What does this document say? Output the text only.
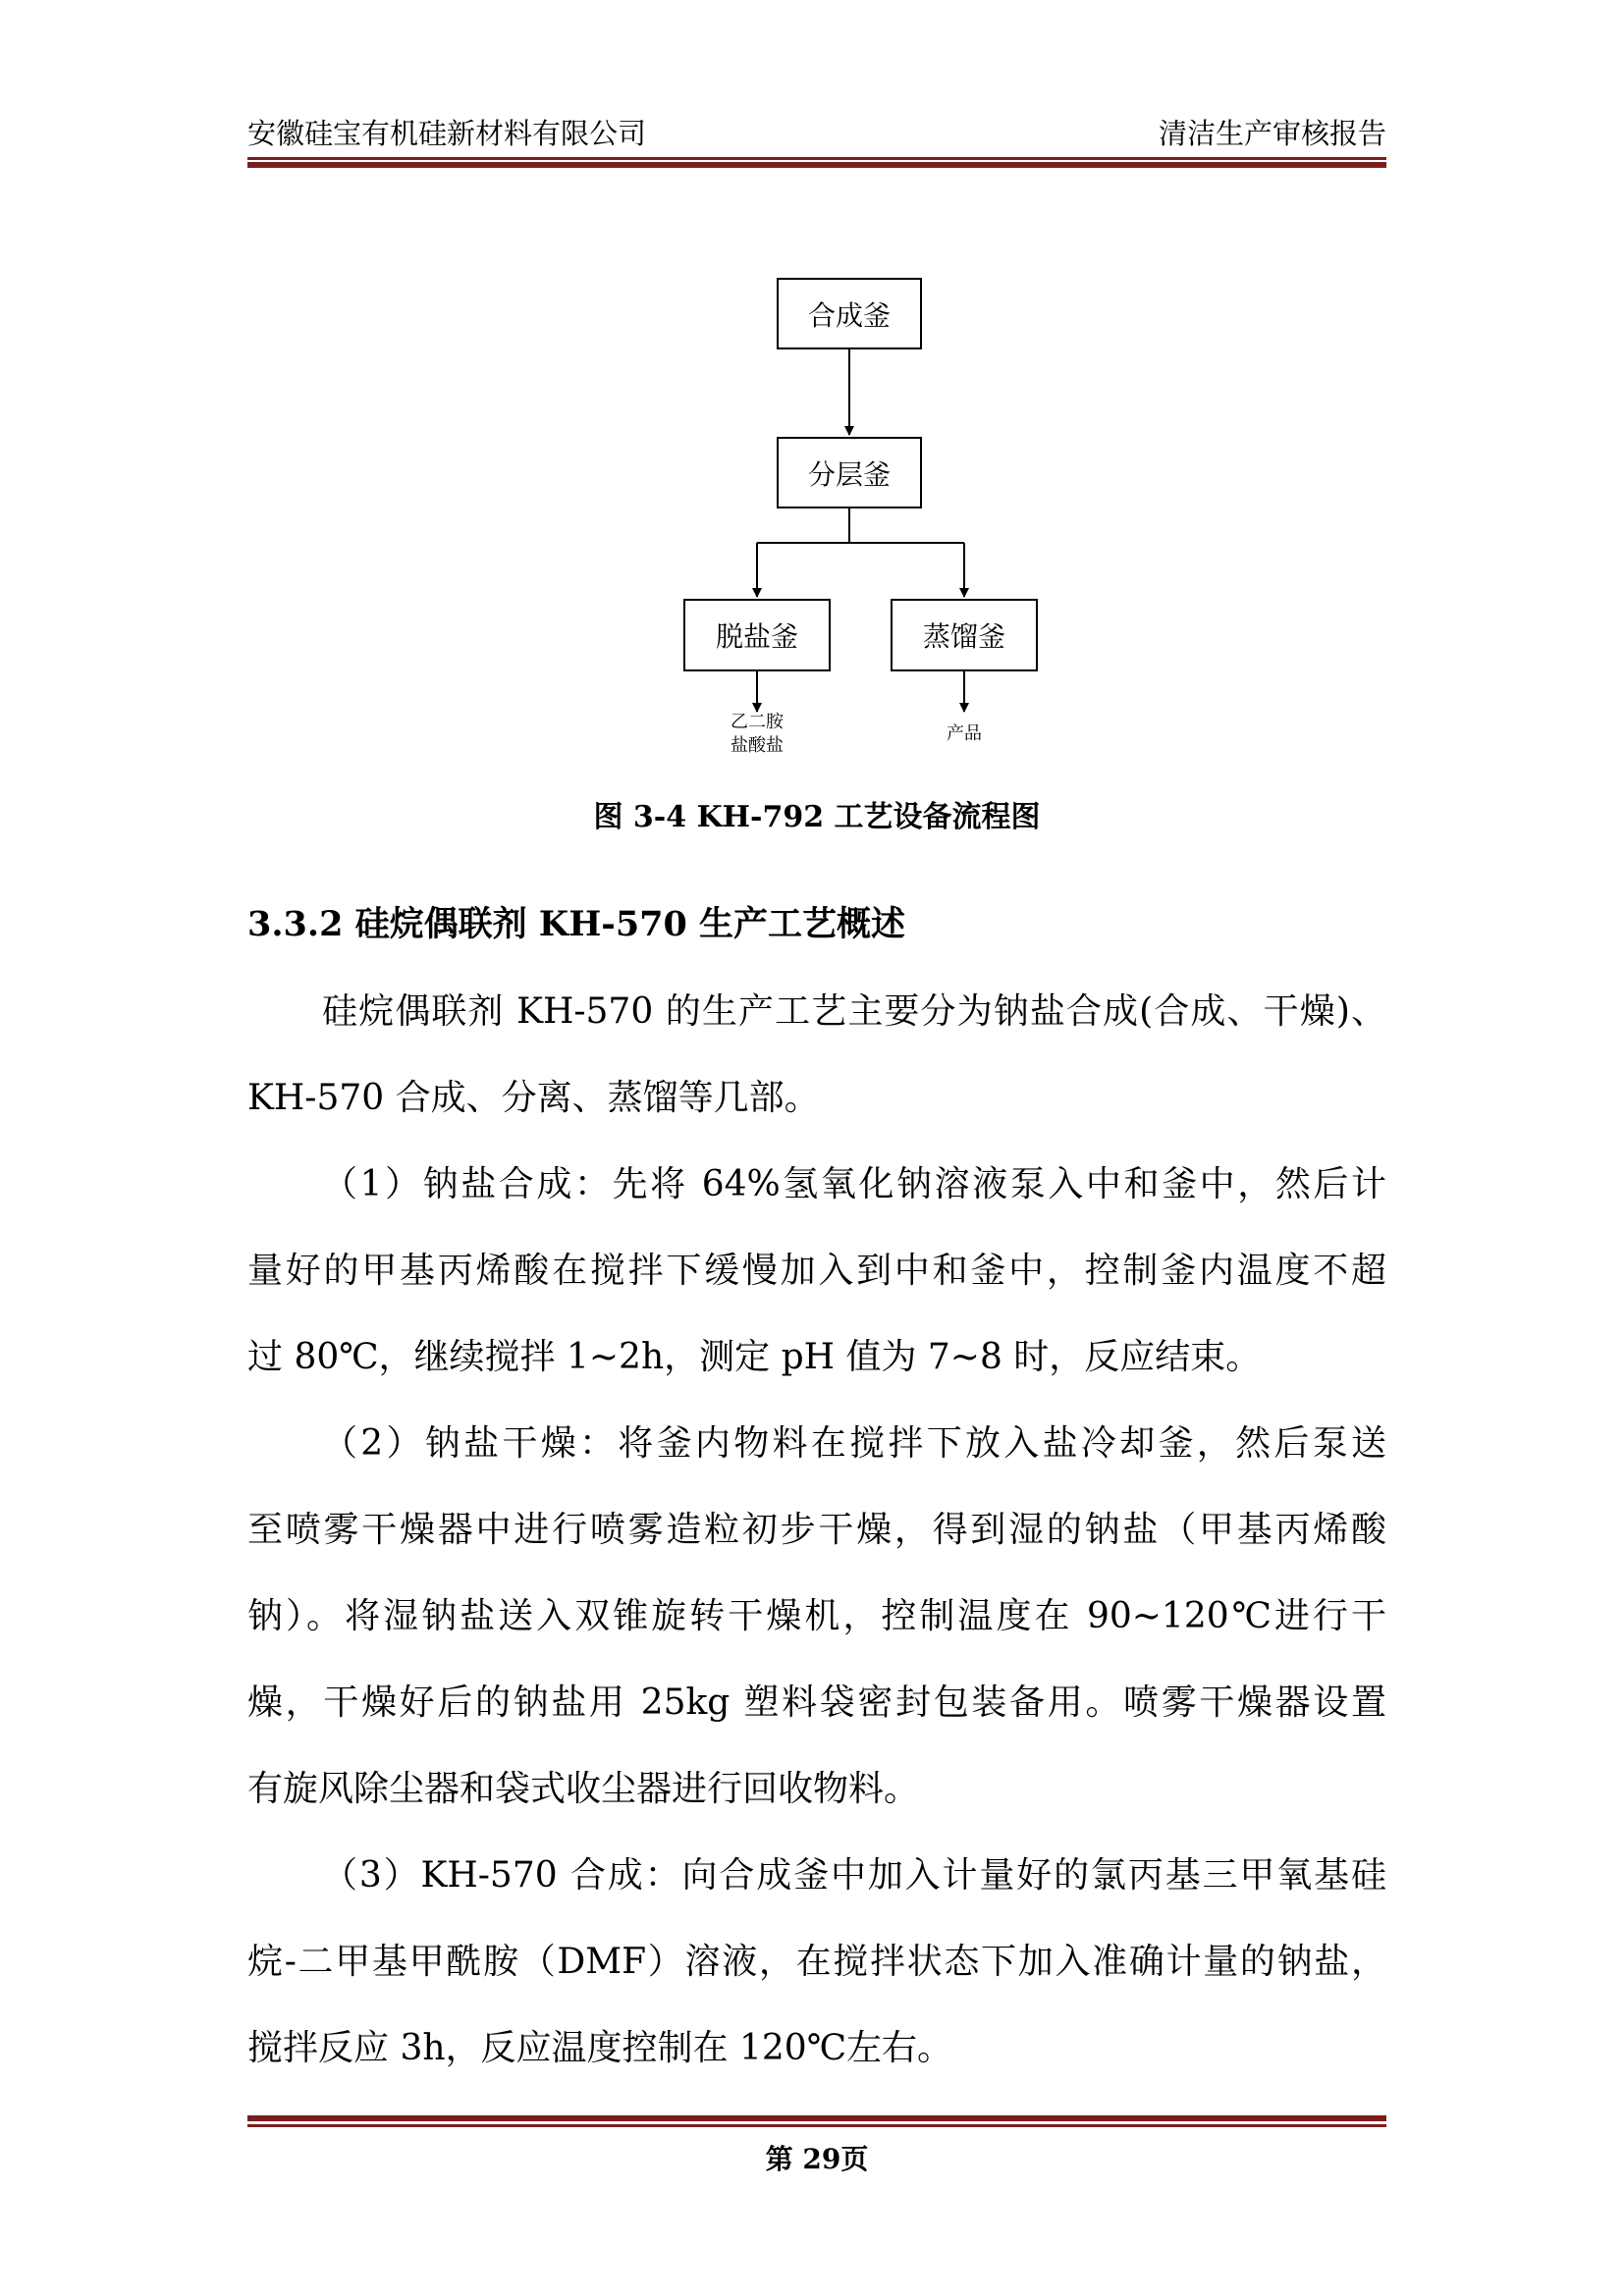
安徽硅宝有机硅新材料有限公司	清洁生产审核报告
合成釜
分层釜
脱盐釜	蒸馏釜
乙二胺
盐酸盐
产品
图 3-4 KH-792 工艺设备流程图
3.3.2 硅烷偶联剂 KH-570 生产工艺概述
硅烷偶联剂 KH-570 的生产工艺主要分为钠盐合成(合成、干燥)、
KH-570 合成、分离、蒸馏等几部。
（1）钠盐合成：先将 64%氢氧化钠溶液泵入中和釜中，然后计
量好的甲基丙烯酸在搅拌下缓慢加入到中和釜中，控制釜内温度不超
过 80℃，继续搅拌 1~2h，测定 pH 值为 7~8 时，反应结束。
（2）钠盐干燥：将釜内物料在搅拌下放入盐冷却釜，然后泵送
至喷雾干燥器中进行喷雾造粒初步干燥，得到湿的钠盐（甲基丙烯酸
钠）。将湿钠盐送入双锥旋转干燥机，控制温度在 90~120℃进行干
燥，干燥好后的钠盐用 25kg 塑料袋密封包装备用。喷雾干燥器设置
有旋风除尘器和袋式收尘器进行回收物料。
（3）KH-570 合成：向合成釜中加入计量好的氯丙基三甲氧基硅
烷-二甲基甲酰胺（DMF）溶液，在搅拌状态下加入准确计量的钠盐，
搅拌反应 3h，反应温度控制在 120℃左右。
第 29页
